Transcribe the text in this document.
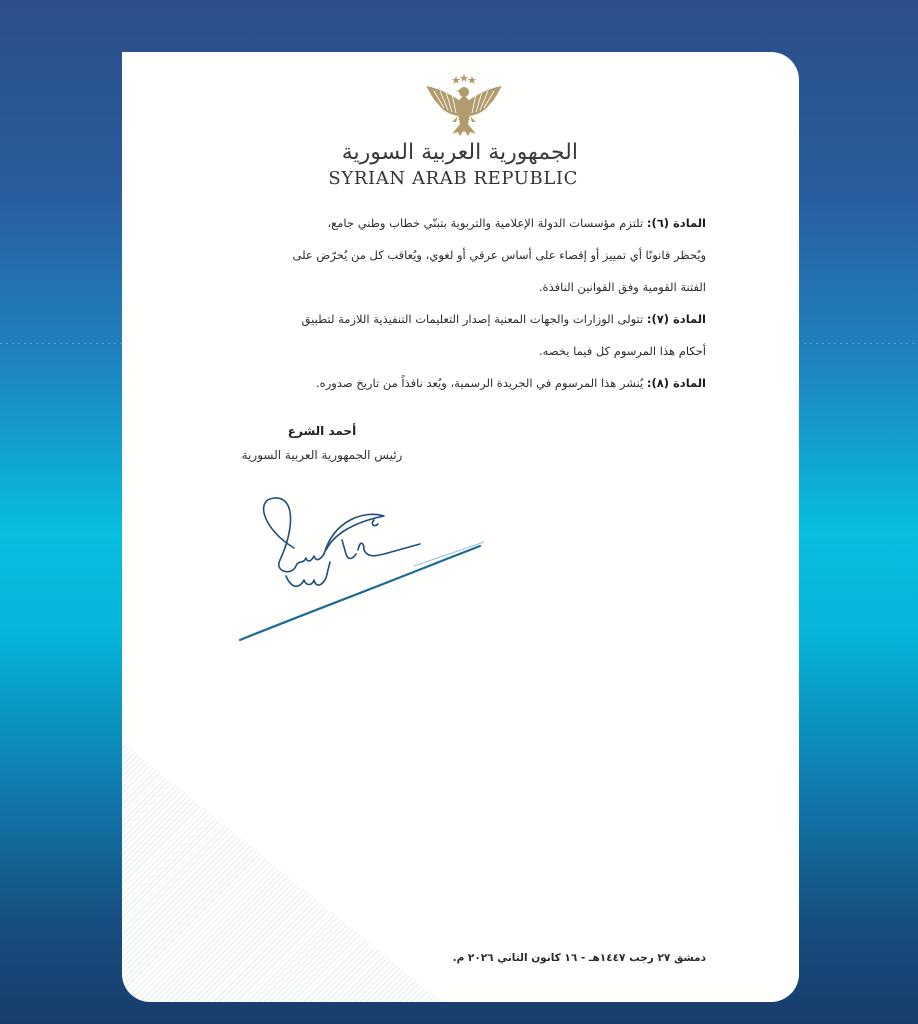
الجمهورية العربية السورية
SYRIAN ARAB REPUBLIC
المادة (٦): تلتزم مؤسسات الدولة الإعلامية والتربوية بتبنّي خطاب وطني جامع،
ويُحظر قانونًا أي تمييز أو إقصاء على أساس عرقي أو لغوي، ويُعاقب كل من يُحرّض على
الفتنة القومية وفق القوانين النافذة.
المادة (٧): تتولى الوزارات والجهات المعنية إصدار التعليمات التنفيذية اللازمة لتطبيق
أحكام هذا المرسوم كل فيما يخصه.
المادة (٨): يُنشر هذا المرسوم في الجريدة الرسمية، ويُعد نافذاً من تاريخ صدوره.
أحمد الشرع
رئيس الجمهورية العربية السورية
دمشق ٢٧ رجب ١٤٤٧هـ - ١٦ كانون الثاني ٢٠٢٦ م.
